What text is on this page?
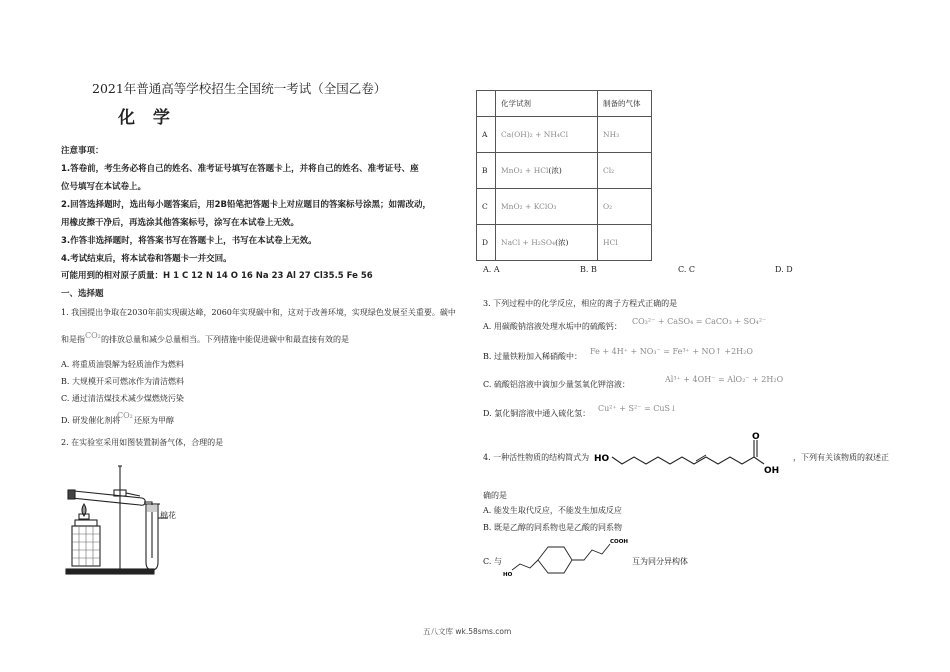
2021年普通高等学校招生全国统一考试（全国乙卷）
化 学
注意事项：
1.答卷前，考生务必将自己的姓名、准考证号填写在答题卡上，并将自己的姓名、准考证号、座
位号填写在本试卷上。
2.回答选择题时，选出每小题答案后，用2B铅笔把答题卡上对应题目的答案标号涂黑；如需改动，
用橡皮擦干净后，再选涂其他答案标号，涂写在本试卷上无效。
3.作答非选择题时，将答案书写在答题卡上，书写在本试卷上无效。
4.考试结束后，将本试卷和答题卡一并交回。
可能用到的相对原子质量：H 1 C 12 N 14 O 16 Na 23 Al 27 Cl35.5 Fe 56
一、选择题
1. 我国提出争取在2030年前实现碳达峰，2060年实现碳中和，这对于改善环境，实现绿色发展至关重要。碳中
和是指 CO₂ 的排放总量和减少总量相当。下列措施中能促进碳中和最直接有效的是
A. 将重质油裂解为轻质油作为燃料
B. 大规模开采可燃冰作为清洁燃料
C. 通过清洁煤技术减少煤燃烧污染
D. 研发催化剂将
CO₂
还原为甲醇
2. 在实验室采用如图装置制备气体，合理的是
棉花
	化学试剂	制备的气体
A	Ca(OH)₂ + NH₄Cl	NH₃
B	MnO₂ + HCl(浓)	Cl₂
C	MnO₂ + KClO₃	O₂
D	NaCl + H₂SO₄(浓)	HCl
A. A	B. B	C. C	D. D
3. 下列过程中的化学反应，相应的离子方程式正确的是
A. 用碳酸钠溶液处理水垢中的硫酸钙：
CO₃²⁻ + CaSO₄ = CaCO₃ + SO₄²⁻
B. 过量铁粉加入稀硝酸中：
Fe + 4H⁺ + NO₃⁻ = Fe³⁺ + NO↑ +2H₂O
C. 硫酸铝溶液中滴加少量氢氧化钾溶液：
Al³⁺ + 4OH⁻ = AlO₂⁻ + 2H₂O
D. 氯化铜溶液中通入硫化氢：
Cu²⁺ + S²⁻ = CuS↓
4. 一种活性物质的结构简式为 HO
O
OH
，下列有关该物质的叙述正
确的是
A. 能发生取代反应，不能发生加成反应
B. 既是乙醇的同系物也是乙酸的同系物
C. 与
HO
COOH
互为同分异构体
五八文库 wk.58sms.com
